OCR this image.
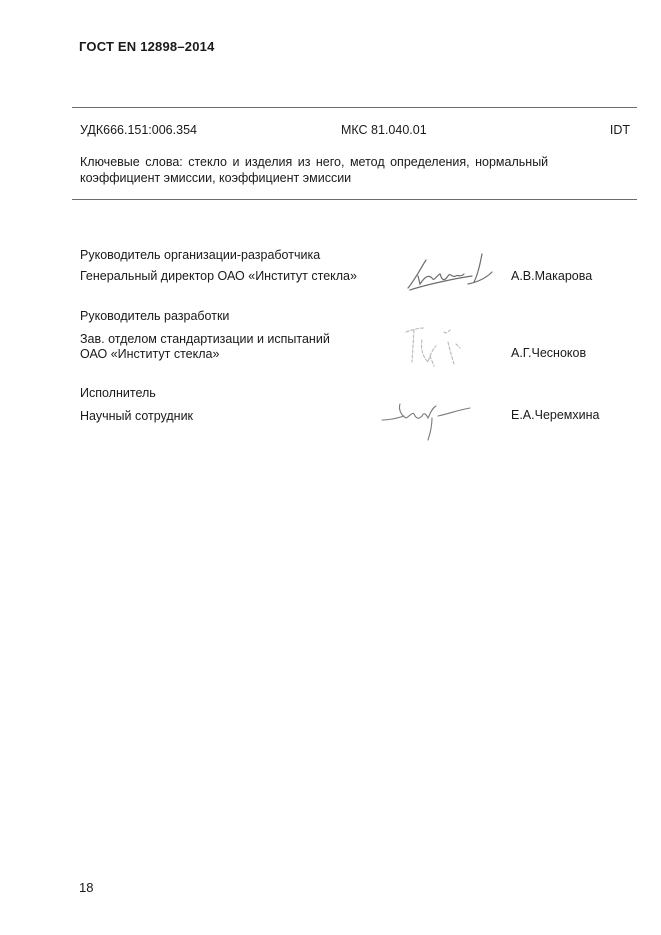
ГОСТ EN 12898–2014
УДК666.151:006.354	МКС 81.040.01	IDT
Ключевые слова: стекло и изделия из него, метод определения, нормальный
коэффициент эмиссии, коэффициент эмиссии
Руководитель организации-разработчика
Генеральный директор ОАО «Институт стекла»	А.В.Макарова
Руководитель разработки
Зав. отделом стандартизации и испытаний
ОАО «Институт стекла»	А.Г.Чесноков
Исполнитель
Научный сотрудник	Е.А.Черемхина
18
